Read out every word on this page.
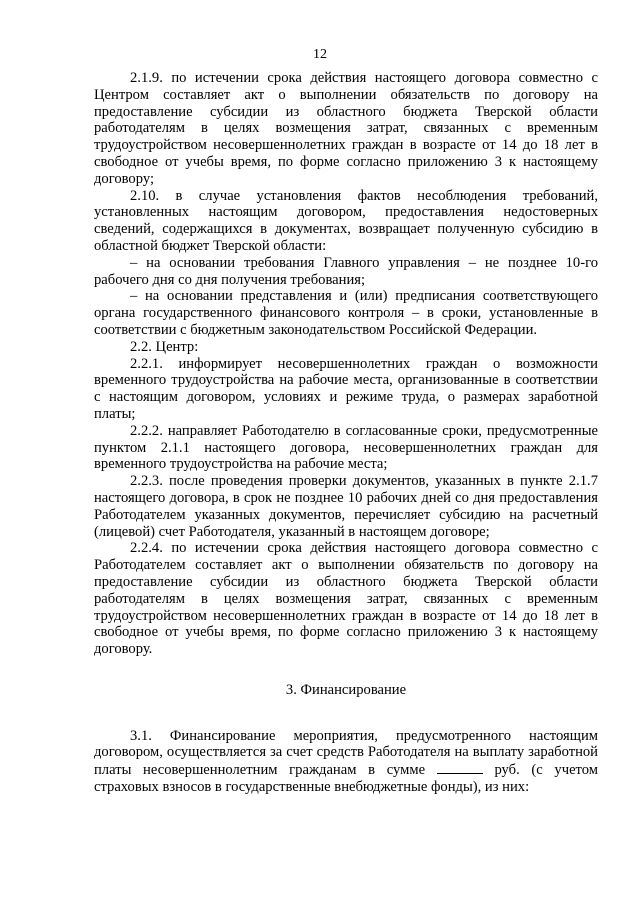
12

2.1.9. по истечении срока действия настоящего договора совместно с Центром составляет акт о выполнении обязательств по договору на предоставление субсидии из областного бюджета Тверской области работодателям в целях возмещения затрат, связанных с временным трудоустройством несовершеннолетних граждан в возрасте от 14 до 18 лет в свободное от учебы время, по форме согласно приложению 3 к настоящему договору;

2.10. в случае установления фактов несоблюдения требований, установленных настоящим договором, предоставления недостоверных сведений, содержащихся в документах, возвращает полученную субсидию в областной бюджет Тверской области:

– на основании требования Главного управления – не позднее 10-го рабочего дня со дня получения требования;

– на основании представления и (или) предписания соответствующего органа государственного финансового контроля – в сроки, установленные в соответствии с бюджетным законодательством Российской Федерации.

2.2. Центр:

2.2.1. информирует несовершеннолетних граждан о возможности временного трудоустройства на рабочие места, организованные в соответствии с настоящим договором, условиях и режиме труда, о размерах заработной платы;

2.2.2. направляет Работодателю в согласованные сроки, предусмотренные пунктом 2.1.1 настоящего договора, несовершеннолетних граждан для временного трудоустройства на рабочие места;

2.2.3. после проведения проверки документов, указанных в пункте 2.1.7 настоящего договора, в срок не позднее 10 рабочих дней со дня предоставления Работодателем указанных документов, перечисляет субсидию на расчетный (лицевой) счет Работодателя, указанный в настоящем договоре;

2.2.4. по истечении срока действия настоящего договора совместно с Работодателем составляет акт о выполнении обязательств по договору на предоставление субсидии из областного бюджета Тверской области работодателям в целях возмещения затрат, связанных с временным трудоустройством несовершеннолетних граждан в возрасте от 14 до 18 лет в свободное от учебы время, по форме согласно приложению 3 к настоящему договору.

3. Финансирование

3.1. Финансирование мероприятия, предусмотренного настоящим договором, осуществляется за счет средств Работодателя на выплату заработной платы несовершеннолетним гражданам в сумме	руб. (с учетом страховых взносов в государственные внебюджетные фонды), из них:
